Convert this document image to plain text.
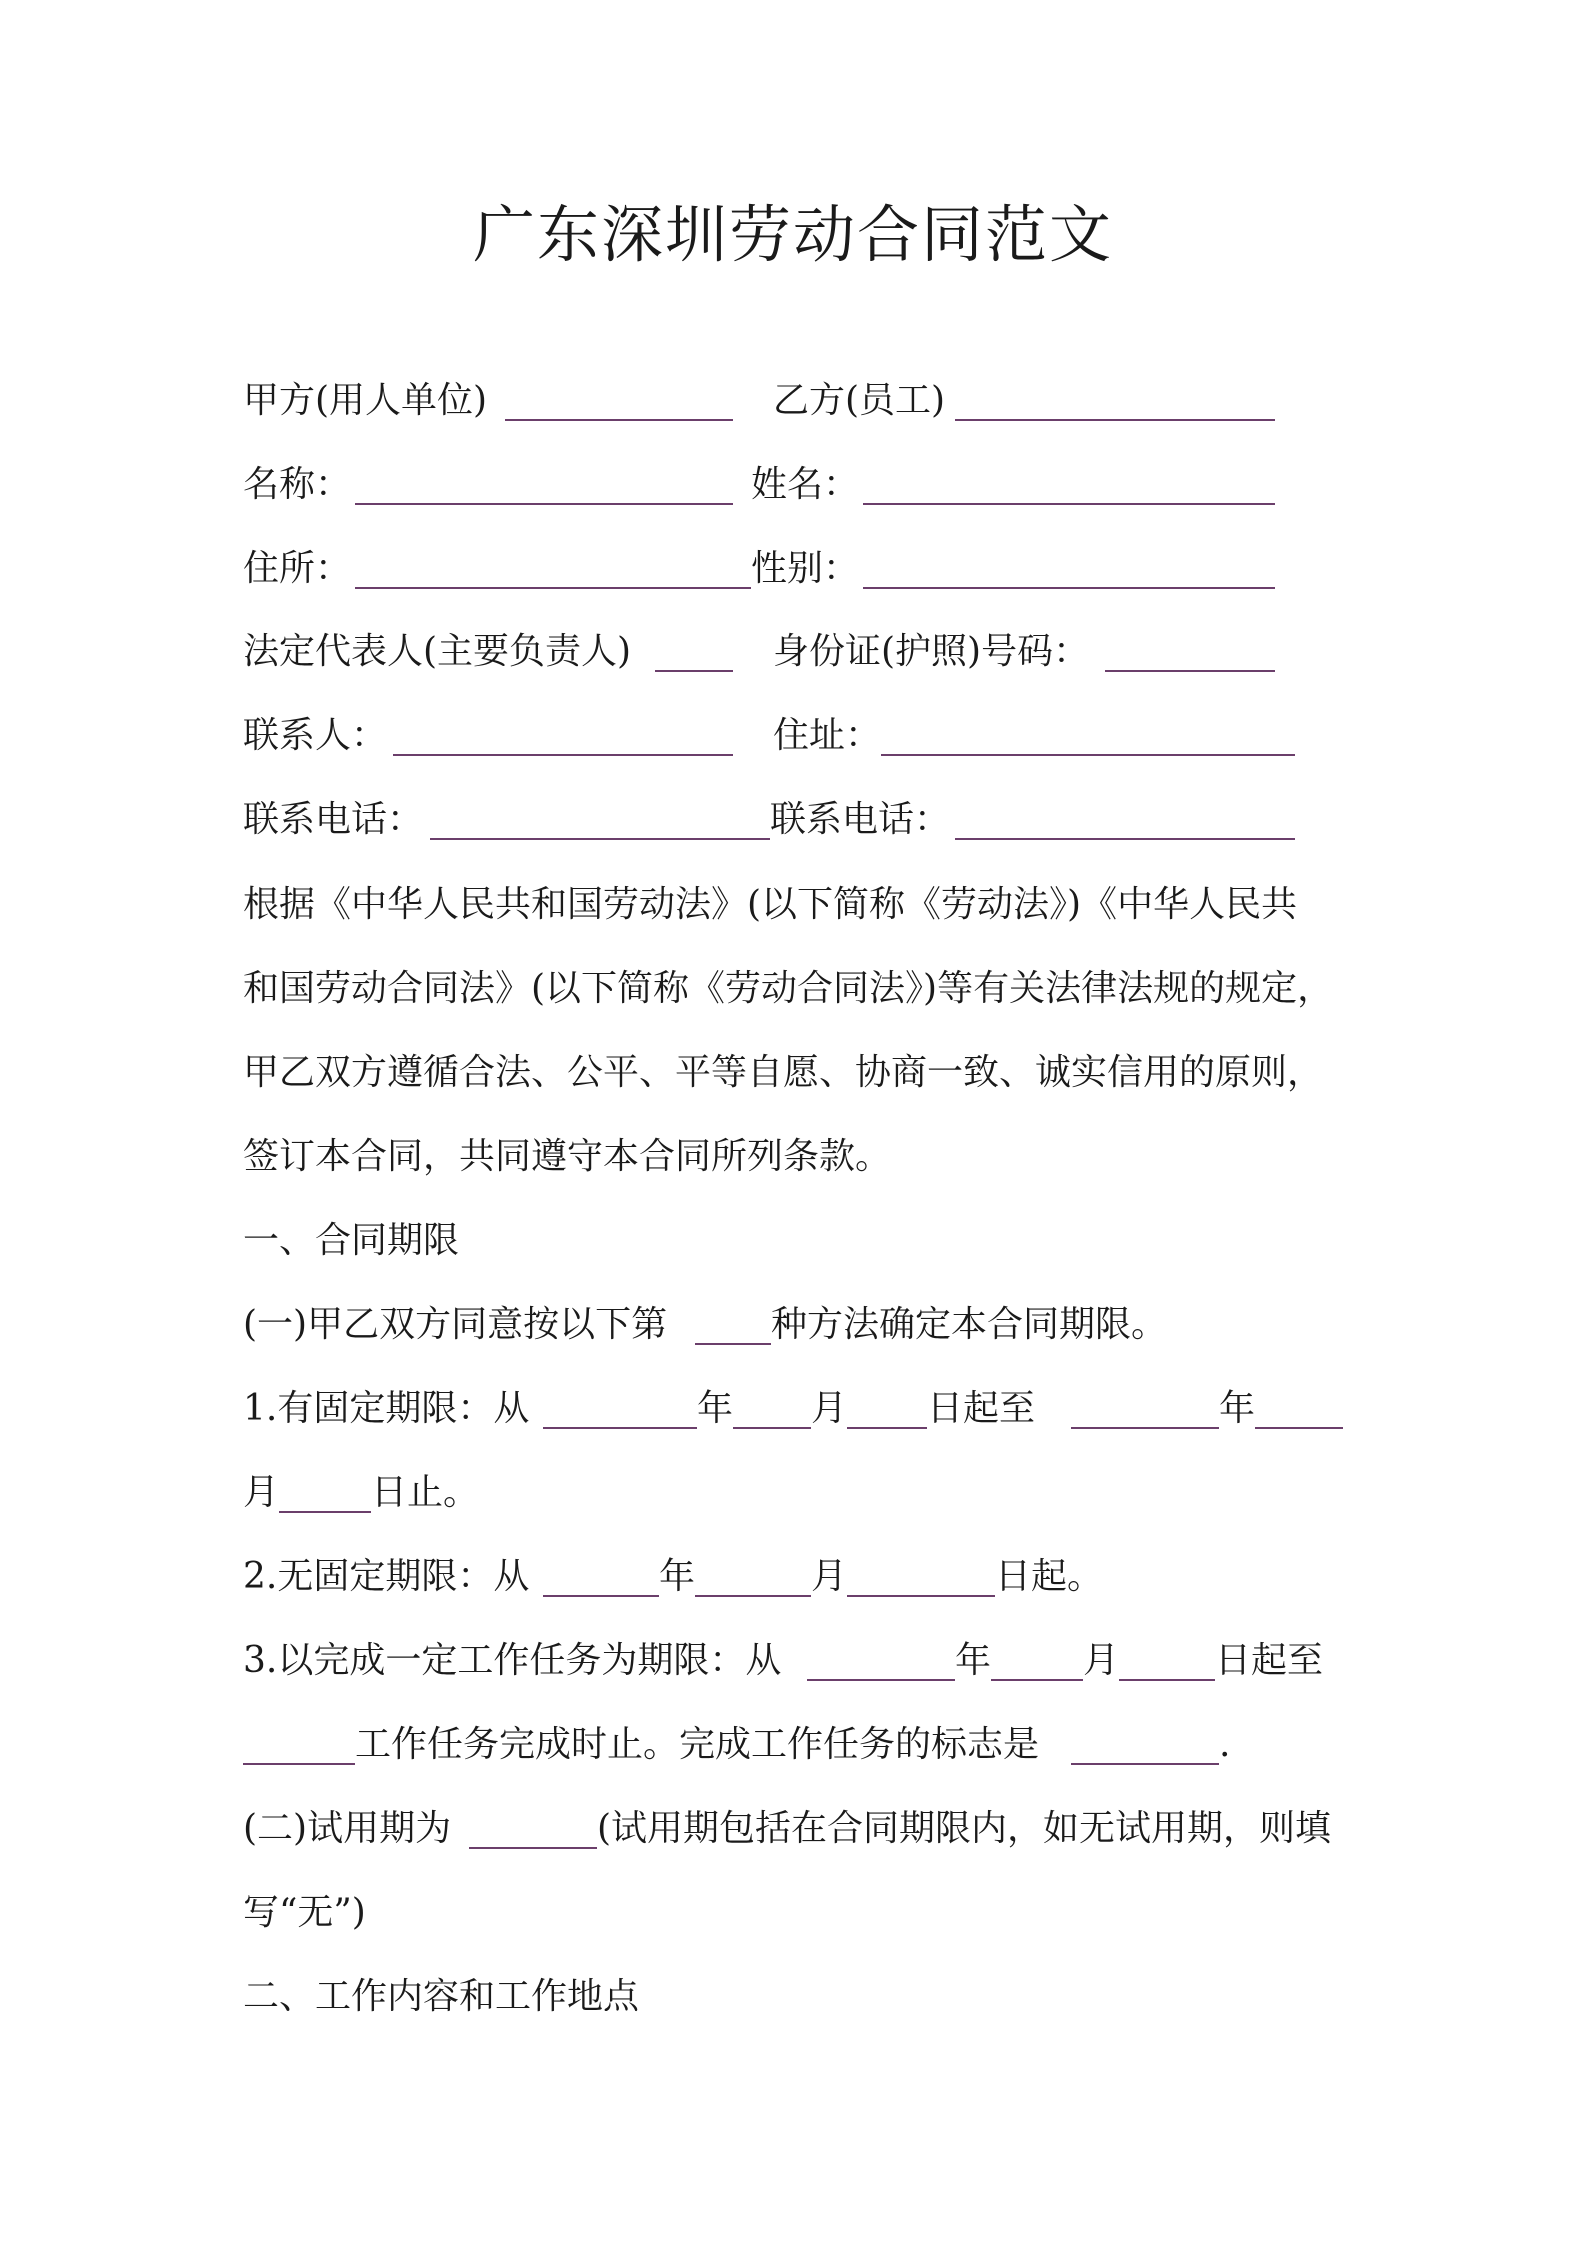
广东深圳劳动合同范文
甲方(用人单位)	乙方(员工)
名称：	姓名：
住所：	性别：
法定代表人(主要负责人)	身份证(护照)号码：
联系人：	住址：
联系电话：	联系电话：
根据《中华人民共和国劳动法》(以下简称《劳动法》)《中华人民共
和国劳动合同法》(以下简称《劳动合同法》)等有关法律法规的规定，
甲乙双方遵循合法、公平、平等自愿、协商一致、诚实信用的原则，
签订本合同，共同遵守本合同所列条款。
一、合同期限
(一)甲乙双方同意按以下第	种方法确定本合同期限。
1.有固定期限：从	年 月 日起至	年
月	日止。
2.无固定期限：从	年	月	日起。
3.以完成一定工作任务为期限：从	年	月	日起至
工作任务完成时止。完成工作任务的标志是	.
(二)试用期为	(试用期包括在合同期限内，如无试用期，则填
写“无”)
二、工作内容和工作地点
